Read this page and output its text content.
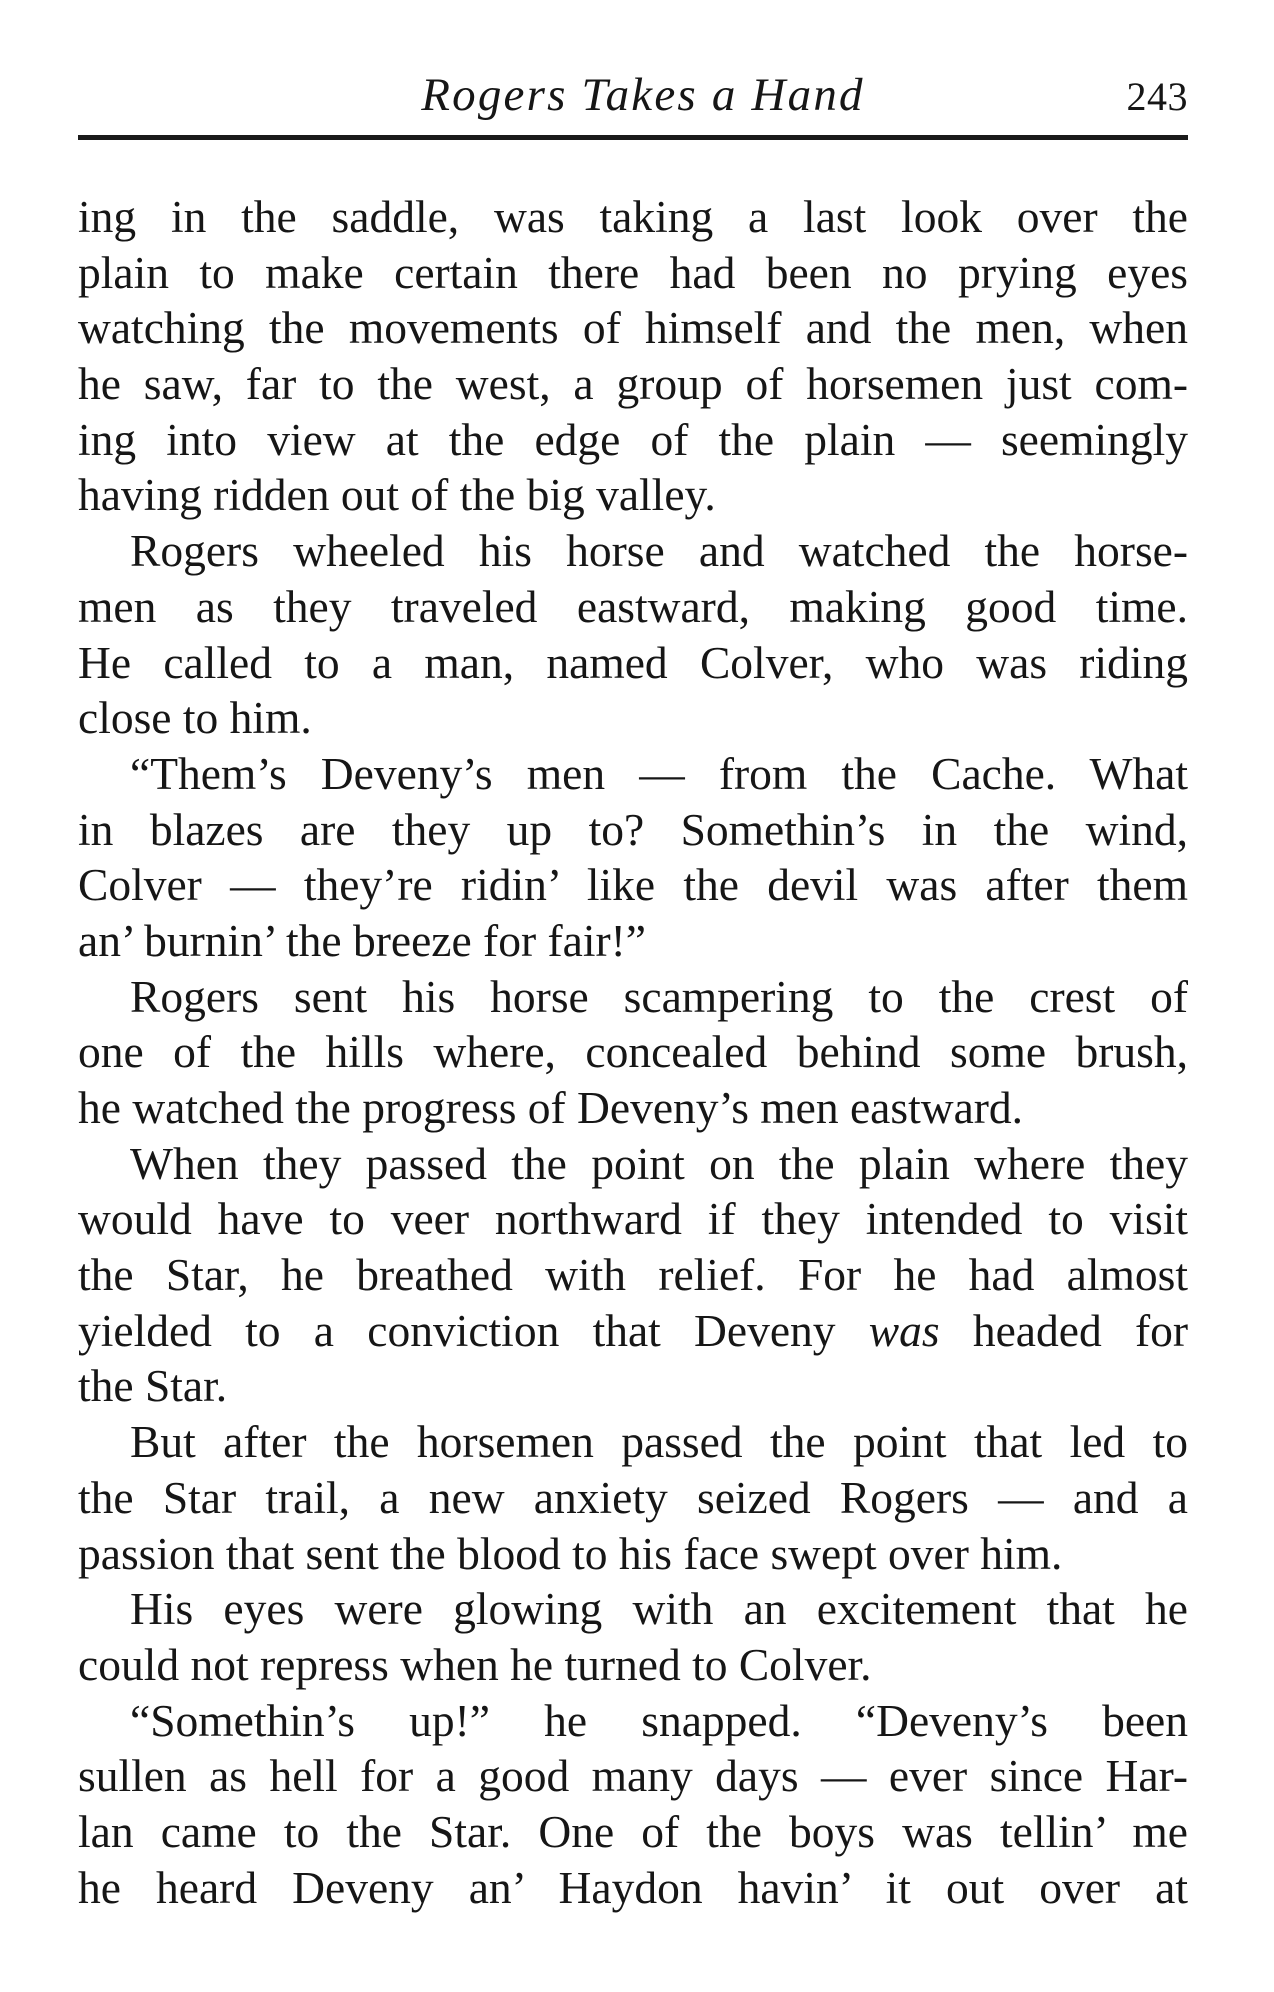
Rogers Takes a Hand	243
ing in the saddle, was taking a last look over the
plain to make certain there had been no prying eyes
watching the movements of himself and the men, when
he saw, far to the west, a group of horsemen just com-
ing into view at the edge of the plain — seemingly
having ridden out of the big valley.
Rogers wheeled his horse and watched the horse-
men as they traveled eastward, making good time.
He called to a man, named Colver, who was riding
close to him.
“Them’s Deveny’s men — from the Cache. What
in blazes are they up to? Somethin’s in the wind,
Colver — they’re ridin’ like the devil was after them
an’ burnin’ the breeze for fair!”
Rogers sent his horse scampering to the crest of
one of the hills where, concealed behind some brush,
he watched the progress of Deveny’s men eastward.
When they passed the point on the plain where they
would have to veer northward if they intended to visit
the Star, he breathed with relief. For he had almost
yielded to a conviction that Deveny was headed for
the Star.
But after the horsemen passed the point that led to
the Star trail, a new anxiety seized Rogers — and a
passion that sent the blood to his face swept over him.
His eyes were glowing with an excitement that he
could not repress when he turned to Colver.
“Somethin’s up!” he snapped. “Deveny’s been
sullen as hell for a good many days — ever since Har-
lan came to the Star. One of the boys was tellin’ me
he heard Deveny an’ Haydon havin’ it out over at
